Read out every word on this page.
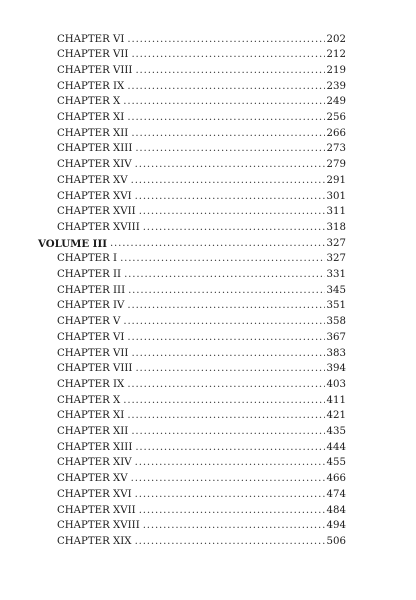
CHAPTER VI . . .	202
CHAPTER VII . . .	212
CHAPTER VIII . . .	219
CHAPTER IX . . .	239
CHAPTER X . . .	249
CHAPTER XI . . .	256
CHAPTER XII . . .	266
CHAPTER XIII . . .	273
CHAPTER XIV . . .	279
CHAPTER XV . . .	291
CHAPTER XVI . . .	301
CHAPTER XVII . . .	311
CHAPTER XVIII . . .	318
VOLUME III . . .	327
CHAPTER I . . .	327
CHAPTER II . . .	331
CHAPTER III . . .	345
CHAPTER IV . . .	351
CHAPTER V . . .	358
CHAPTER VI . . .	367
CHAPTER VII . . .	383
CHAPTER VIII . . .	394
CHAPTER IX . . .	403
CHAPTER X . . .	411
CHAPTER XI . . .	421
CHAPTER XII . . .	435
CHAPTER XIII . . .	444
CHAPTER XIV . . .	455
CHAPTER XV . . .	466
CHAPTER XVI . . .	474
CHAPTER XVII . . .	484
CHAPTER XVIII . . .	494
CHAPTER XIX . . .	506
